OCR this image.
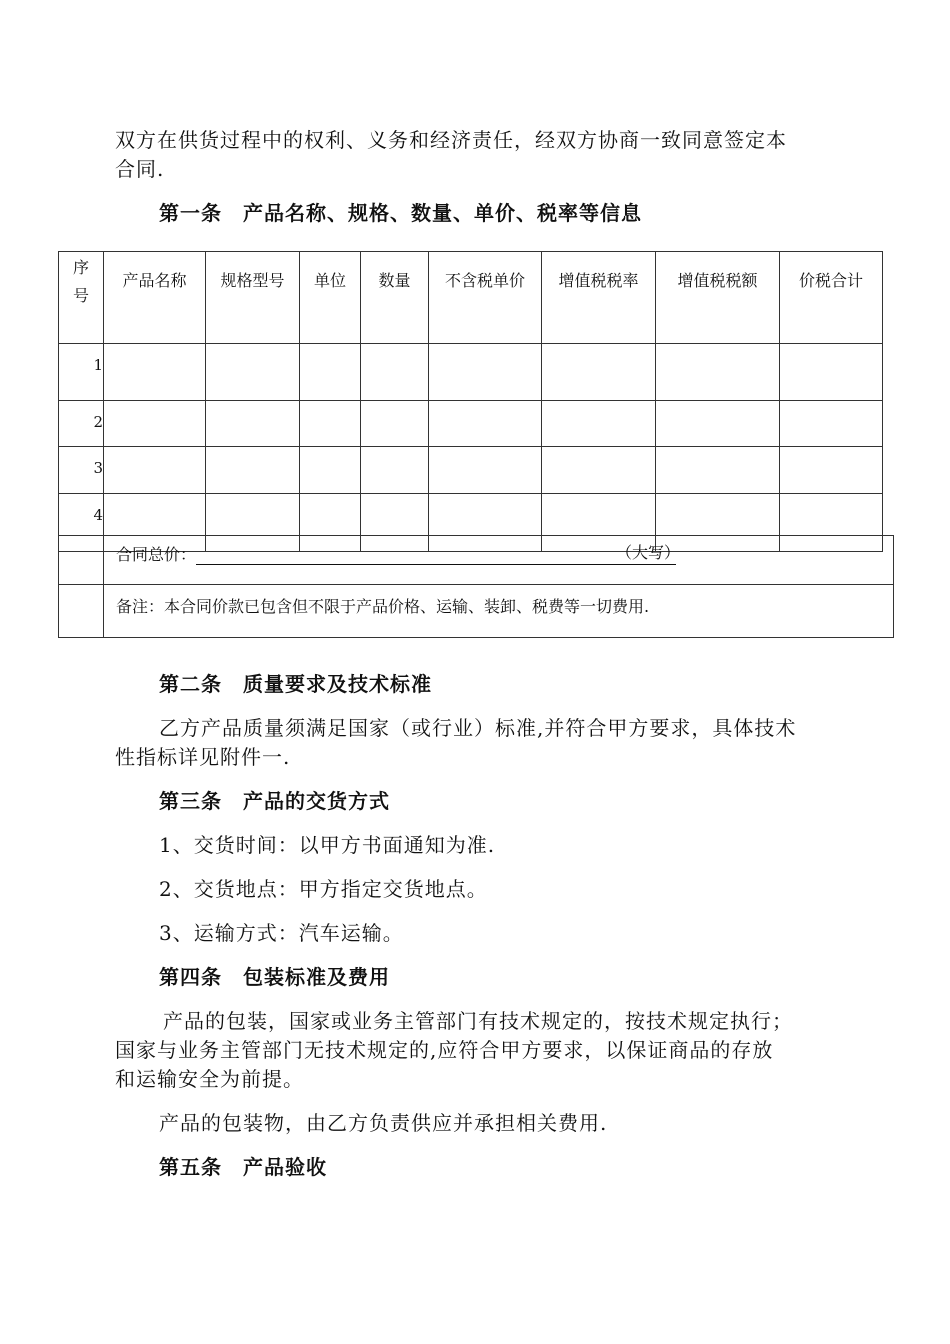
双方在供货过程中的权利、义务和经济责任，经双方协商一致同意签定本

合同.

第一条　产品名称、规格、数量、单价、税率等信息

序
号	产品名称	规格型号	单位	数量	不含税单价	增值税税率	增值税税额	价税合计
1								
2								
3								
4								
	合同总价： （大写）

	备注：本合同价款已包含但不限于产品价格、运输、装卸、税费等一切费用.

第二条　质量要求及技术标准

乙方产品质量须满足国家（或行业）标准,并符合甲方要求，具体技术

性指标详见附件一.

第三条　产品的交货方式

1、交货时间：以甲方书面通知为准.

2、交货地点：甲方指定交货地点。

3、运输方式：汽车运输。

第四条　包装标准及费用

产品的包装，国家或业务主管部门有技术规定的，按技术规定执行；

国家与业务主管部门无技术规定的,应符合甲方要求，以保证商品的存放

和运输安全为前提。

产品的包装物，由乙方负责供应并承担相关费用.

第五条　产品验收
